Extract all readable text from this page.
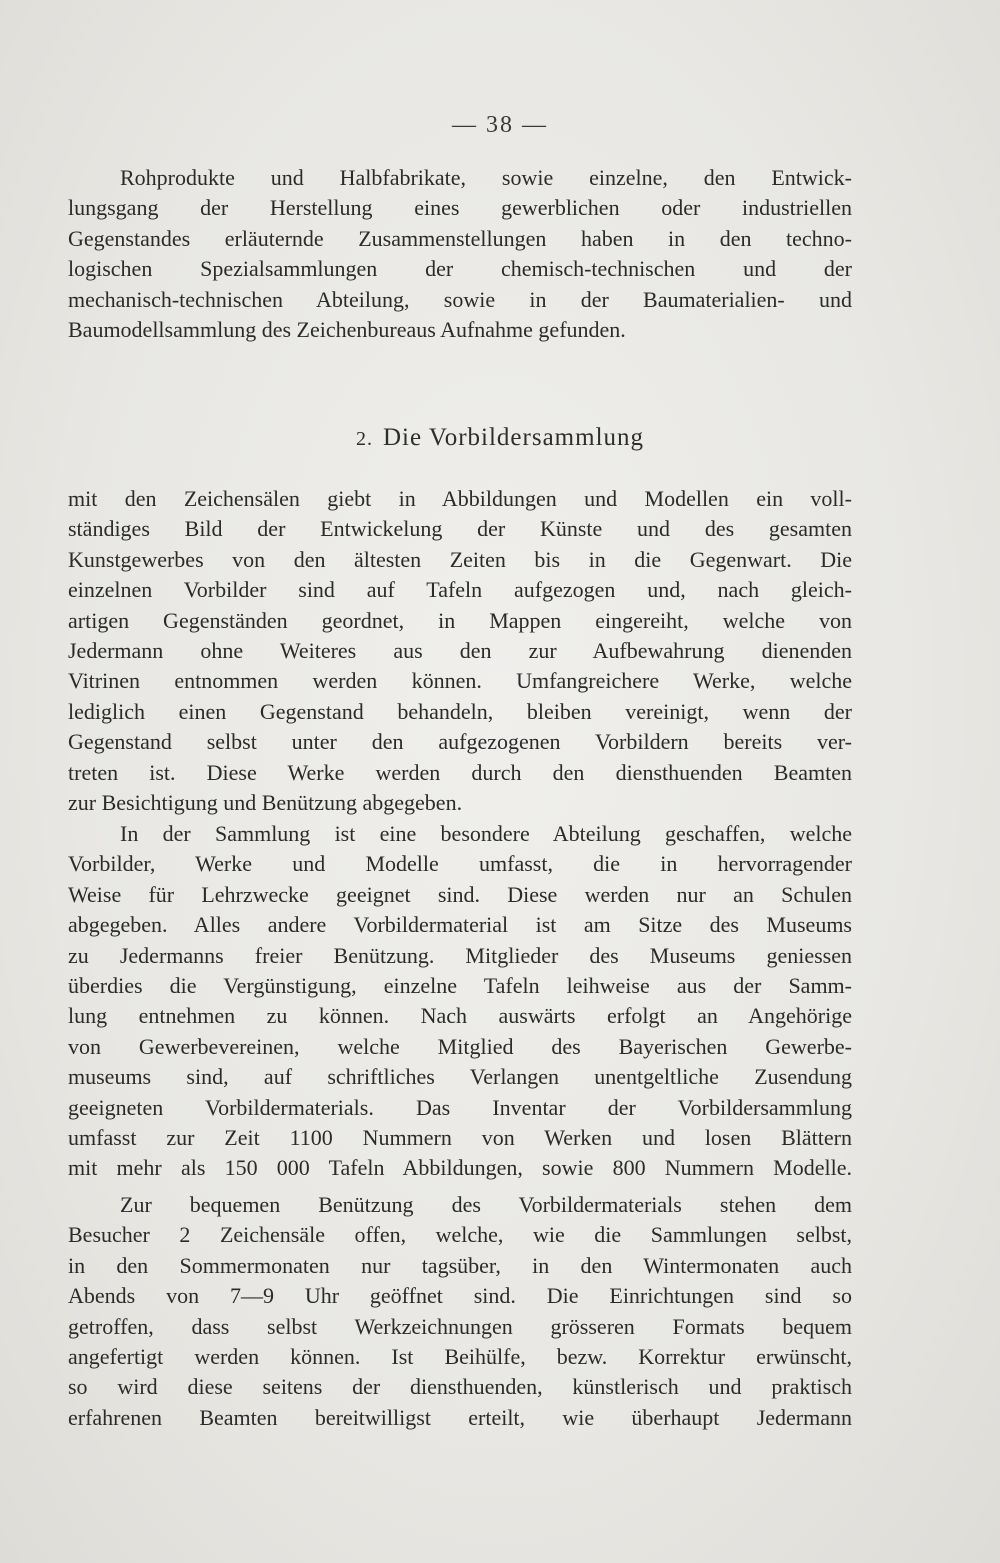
— 38 —
Rohprodukte und Halbfabrikate, sowie einzelne, den Entwick-
lungsgang der Herstellung eines gewerblichen oder industriellen
Gegenstandes erläuternde Zusammenstellungen haben in den techno-
logischen Spezialsammlungen der chemisch-technischen und der
mechanisch-technischen Abteilung, sowie in der Baumaterialien- und
Baumodellsammlung des Zeichenbureaus Aufnahme gefunden.
2. Die Vorbildersammlung
mit den Zeichensälen giebt in Abbildungen und Modellen ein voll-
ständiges Bild der Entwickelung der Künste und des gesamten
Kunstgewerbes von den ältesten Zeiten bis in die Gegenwart. Die
einzelnen Vorbilder sind auf Tafeln aufgezogen und, nach gleich-
artigen Gegenständen geordnet, in Mappen eingereiht, welche von
Jedermann ohne Weiteres aus den zur Aufbewahrung dienenden
Vitrinen entnommen werden können. Umfangreichere Werke, welche
lediglich einen Gegenstand behandeln, bleiben vereinigt, wenn der
Gegenstand selbst unter den aufgezogenen Vorbildern bereits ver-
treten ist. Diese Werke werden durch den diensthuenden Beamten
zur Besichtigung und Benützung abgegeben.
In der Sammlung ist eine besondere Abteilung geschaffen, welche
Vorbilder, Werke und Modelle umfasst, die in hervorragender
Weise für Lehrzwecke geeignet sind. Diese werden nur an Schulen
abgegeben. Alles andere Vorbildermaterial ist am Sitze des Museums
zu Jedermanns freier Benützung. Mitglieder des Museums geniessen
überdies die Vergünstigung, einzelne Tafeln leihweise aus der Samm-
lung entnehmen zu können. Nach auswärts erfolgt an Angehörige
von Gewerbevereinen, welche Mitglied des Bayerischen Gewerbe-
museums sind, auf schriftliches Verlangen unentgeltliche Zusendung
geeigneten Vorbildermaterials. Das Inventar der Vorbildersammlung
umfasst zur Zeit 1100 Nummern von Werken und losen Blättern
mit mehr als 150 000 Tafeln Abbildungen, sowie 800 Nummern Modelle.
Zur bequemen Benützung des Vorbildermaterials stehen dem
Besucher 2 Zeichensäle offen, welche, wie die Sammlungen selbst,
in den Sommermonaten nur tagsüber, in den Wintermonaten auch
Abends von 7—9 Uhr geöffnet sind. Die Einrichtungen sind so
getroffen, dass selbst Werkzeichnungen grösseren Formats bequem
angefertigt werden können. Ist Beihülfe, bezw. Korrektur erwünscht,
so wird diese seitens der diensthuenden, künstlerisch und praktisch
erfahrenen Beamten bereitwilligst erteilt, wie überhaupt Jedermann
